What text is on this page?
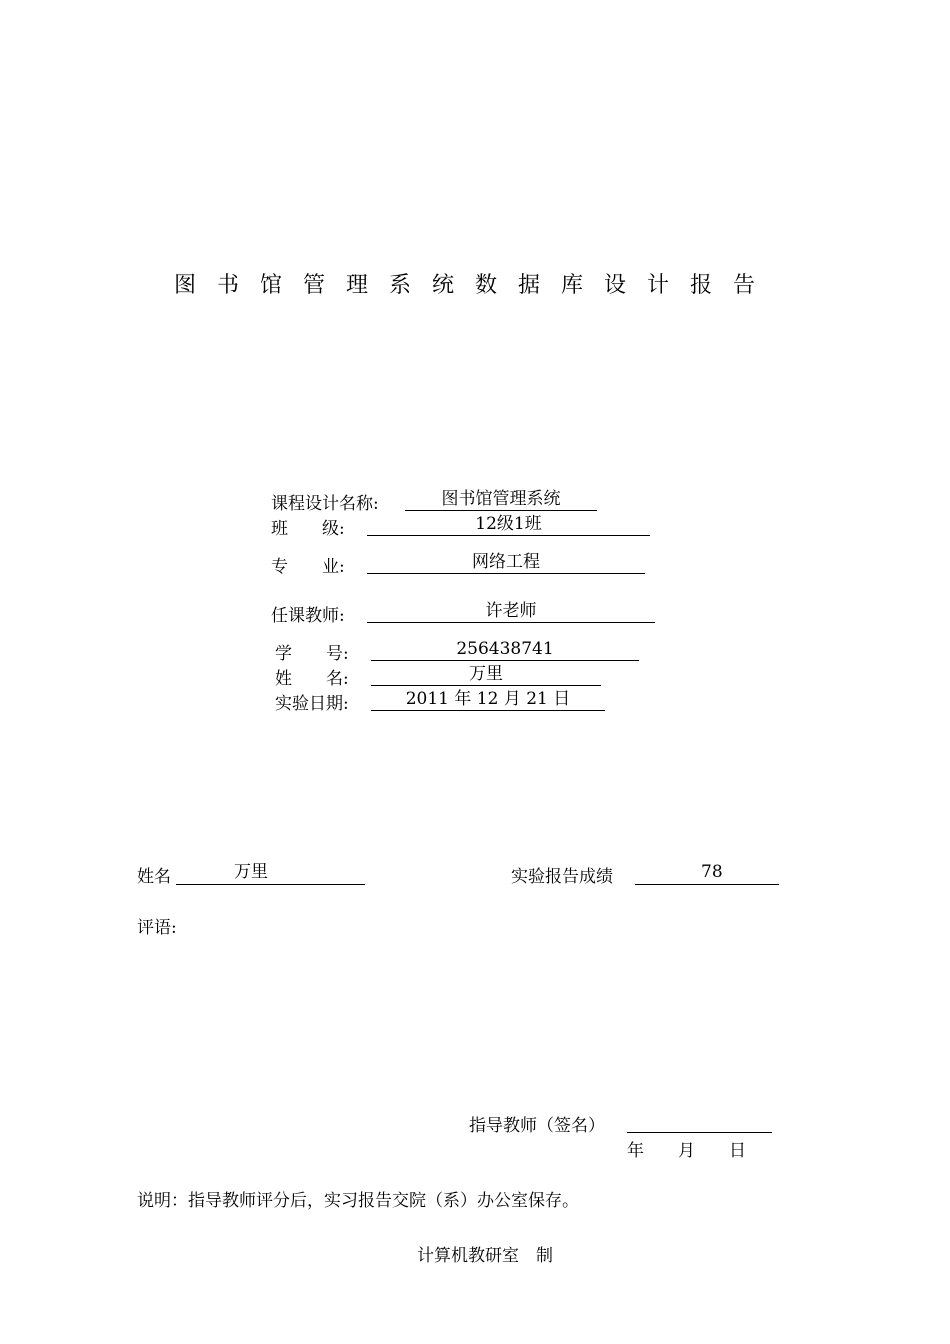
图书馆管理系统数据库设计报告
课程设计名称:	图书馆管理系统
班　　级:	12级1班
专　　业:	网络工程
任课教师:	许老师
学　　号:	256438741
姓　　名:	万里
实验日期:	2011 年 12 月 21 日
姓名	万里	实验报告成绩	78
评语:
指导教师（签名）
年　　月　　日
说明：指导教师评分后，实习报告交院（系）办公室保存。
计算机教研室　制
